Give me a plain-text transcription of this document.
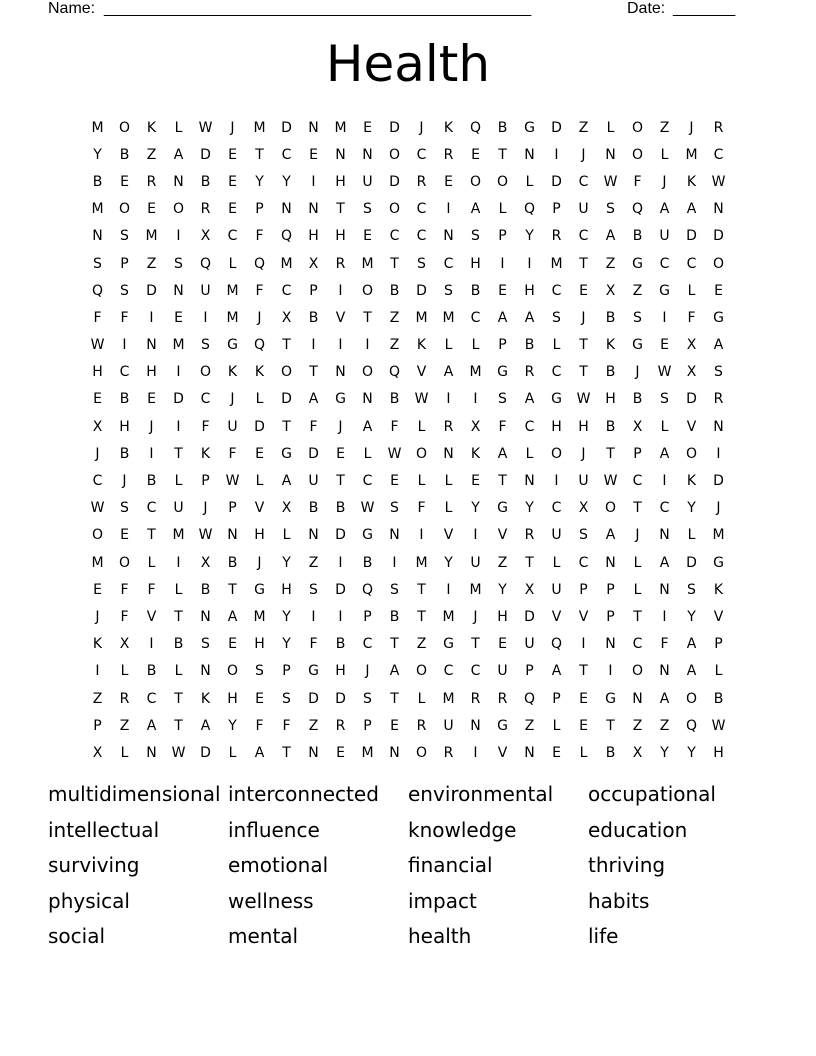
Name: ________________________________________________	Date: _______
Health
M	O	K	L	W	J	M	D	N	M	E	D	J	K	Q	B	G	D	Z	L	O	Z	J	R
Y	B	Z	A	D	E	T	C	E	N	N	O	C	R	E	T	N	I	J	N	O	L	M	C
B	E	R	N	B	E	Y	Y	I	H	U	D	R	E	O	O	L	D	C	W	F	J	K	W
M	O	E	O	R	E	P	N	N	T	S	O	C	I	A	L	Q	P	U	S	Q	A	A	N
N	S	M	I	X	C	F	Q	H	H	E	C	C	N	S	P	Y	R	C	A	B	U	D	D
S	P	Z	S	Q	L	Q	M	X	R	M	T	S	C	H	I	I	M	T	Z	G	C	C	O
Q	S	D	N	U	M	F	C	P	I	O	B	D	S	B	E	H	C	E	X	Z	G	L	E
F	F	I	E	I	M	J	X	B	V	T	Z	M	M	C	A	A	S	J	B	S	I	F	G
W	I	N	M	S	G	Q	T	I	I	I	Z	K	L	L	P	B	L	T	K	G	E	X	A
H	C	H	I	O	K	K	O	T	N	O	Q	V	A	M	G	R	C	T	B	J	W	X	S
E	B	E	D	C	J	L	D	A	G	N	B	W	I	I	S	A	G	W	H	B	S	D	R
X	H	J	I	F	U	D	T	F	J	A	F	L	R	X	F	C	H	H	B	X	L	V	N
J	B	I	T	K	F	E	G	D	E	L	W	O	N	K	A	L	O	J	T	P	A	O	I
C	J	B	L	P	W	L	A	U	T	C	E	L	L	E	T	N	I	U	W	C	I	K	D
W	S	C	U	J	P	V	X	B	B	W	S	F	L	Y	G	Y	C	X	O	T	C	Y	J
O	E	T	M	W	N	H	L	N	D	G	N	I	V	I	V	R	U	S	A	J	N	L	M
M	O	L	I	X	B	J	Y	Z	I	B	I	M	Y	U	Z	T	L	C	N	L	A	D	G
E	F	F	L	B	T	G	H	S	D	Q	S	T	I	M	Y	X	U	P	P	L	N	S	K
J	F	V	T	N	A	M	Y	I	I	P	B	T	M	J	H	D	V	V	P	T	I	Y	V
K	X	I	B	S	E	H	Y	F	B	C	T	Z	G	T	E	U	Q	I	N	C	F	A	P
I	L	B	L	N	O	S	P	G	H	J	A	O	C	C	U	P	A	T	I	O	N	A	L
Z	R	C	T	K	H	E	S	D	D	S	T	L	M	R	R	Q	P	E	G	N	A	O	B
P	Z	A	T	A	Y	F	F	Z	R	P	E	R	U	N	G	Z	L	E	T	Z	Z	Q	W
X	L	N	W	D	L	A	T	N	E	M	N	O	R	I	V	N	E	L	B	X	Y	Y	H
multidimensional interconnected	environmental	occupational
intellectual	influence	knowledge	education
surviving	emotional	financial	thriving
physical	wellness	impact	habits
social	mental	health	life
